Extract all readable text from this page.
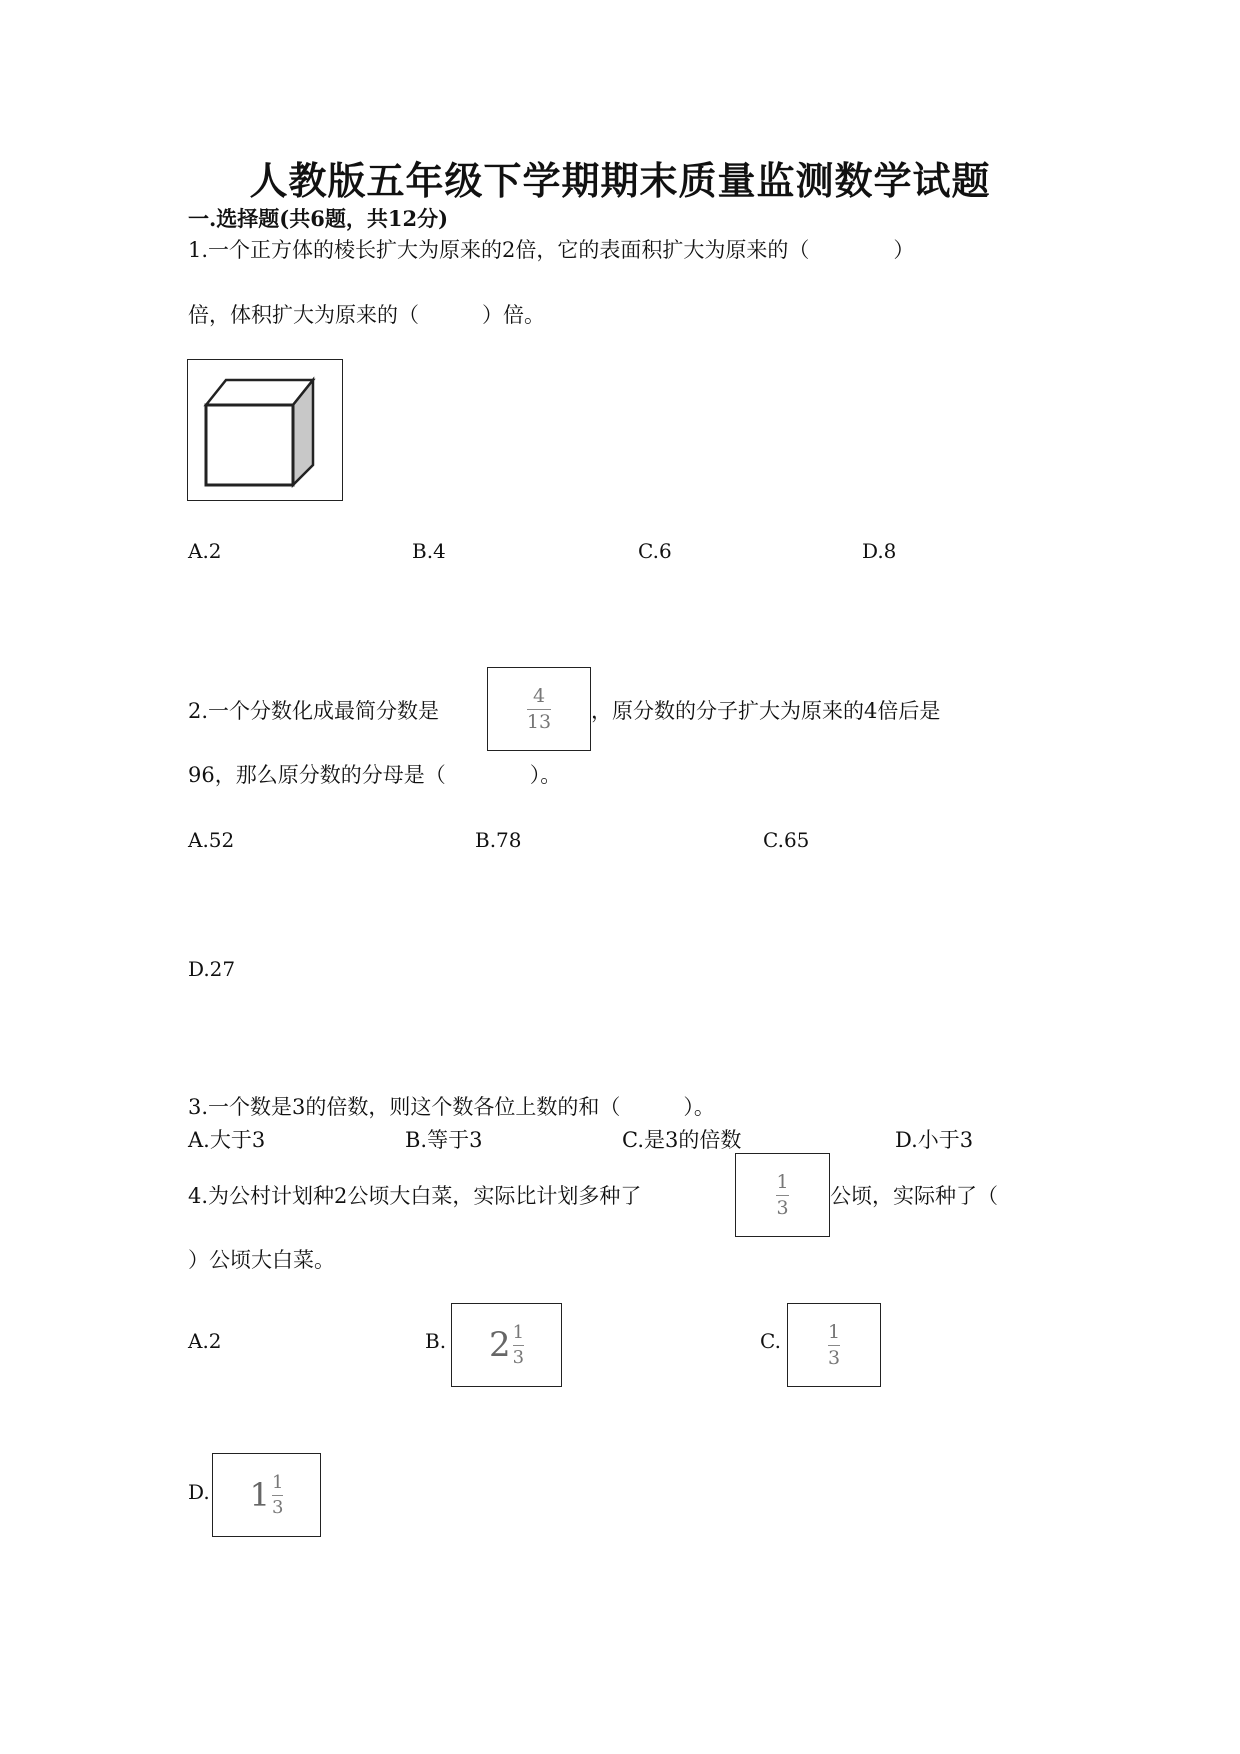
人教版五年级下学期期末质量监测数学试题
一.选择题(共6题，共12分)
1.一个正方体的棱长扩大为原来的2倍，它的表面积扩大为原来的（　　　　）
倍，体积扩大为原来的（　　　）倍。
A.2	B.4	C.6	D.8
2.一个分数化成最简分数是
4
13 ，原分数的分子扩大为原来的4倍后是
96，那么原分数的分母是（　　　　）。
A.52	B.78	C.65
D.27
3.一个数是3的倍数，则这个数各位上数的和（　　　）。
A.大于3	B.等于3	C.是3的倍数	D.小于3
4.为公村计划种2公顷大白菜，实际比计划多种了
1
3 公顷，实际种了（
）公顷大白菜。
A.2	B. 2 1
3
C. 1
3
D. 1 1
3
